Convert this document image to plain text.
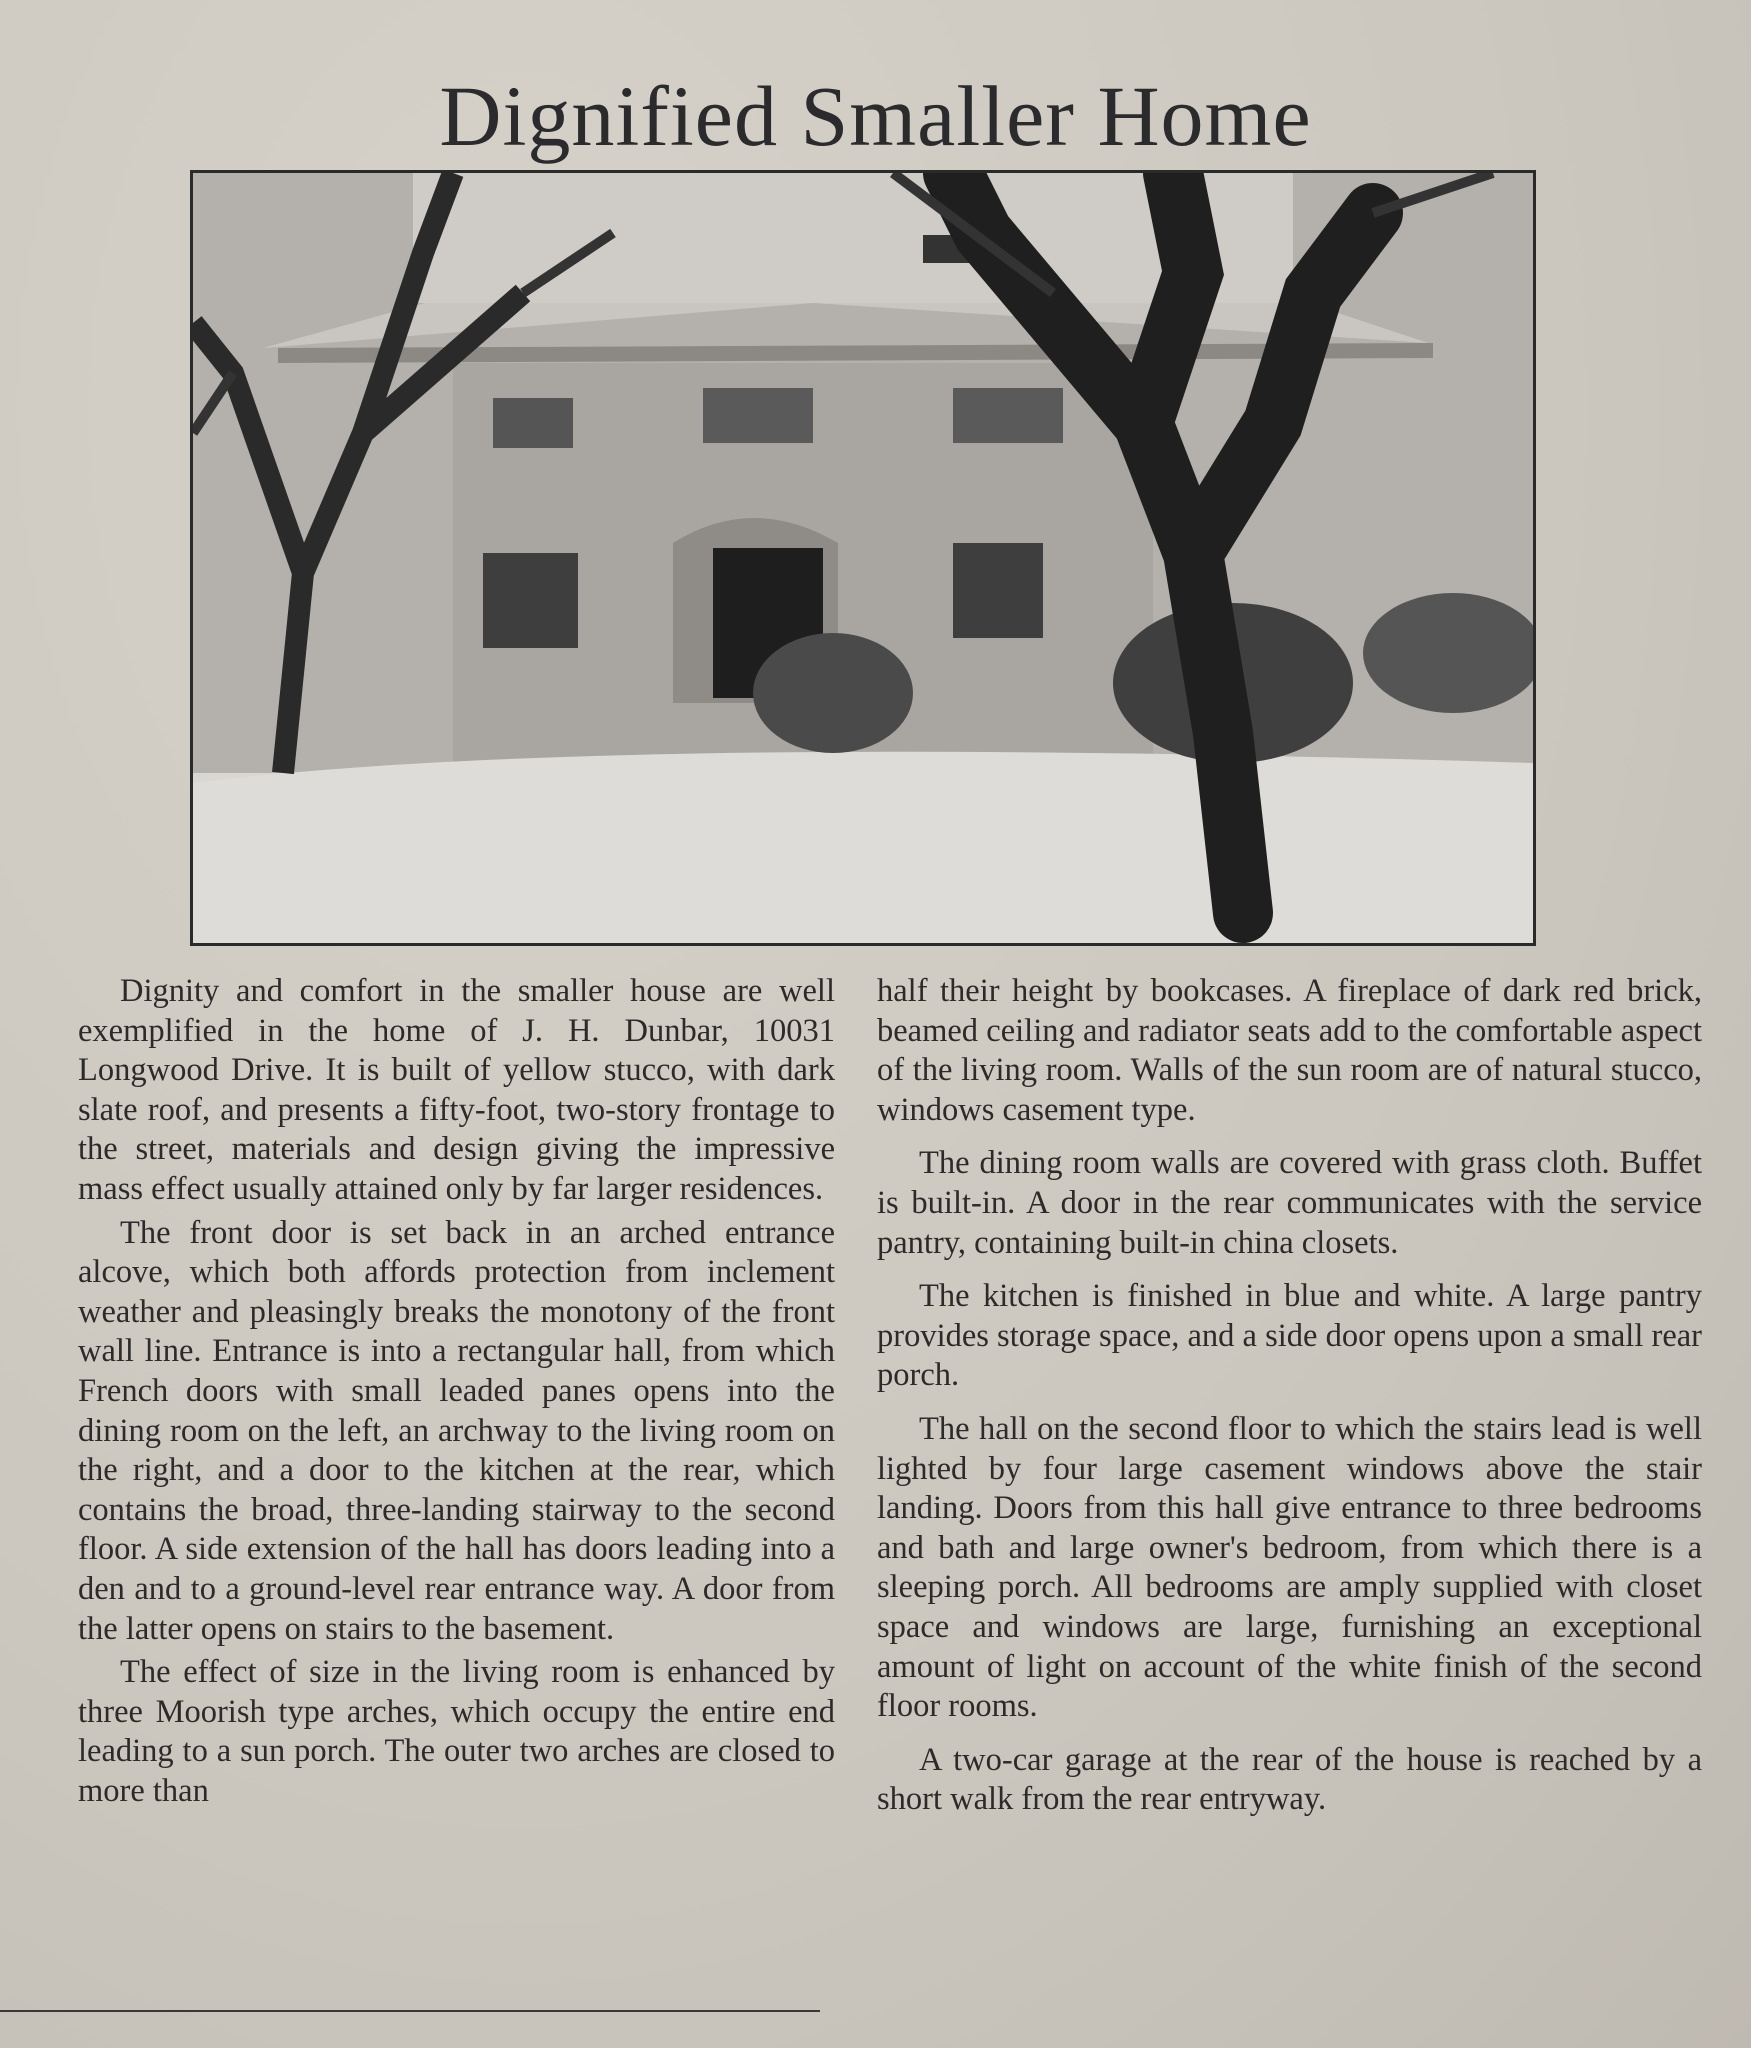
Dignified Smaller Home

Dignity and comfort in the smaller house are well exemplified in the home of J. H. Dunbar, 10031 Longwood Drive. It is built of yellow stucco, with dark slate roof, and presents a fifty-foot, two-story frontage to the street, materials and design giving the impressive mass effect usually attained only by far larger residences.

The front door is set back in an arched entrance alcove, which both affords protection from inclement weather and pleasingly breaks the monotony of the front wall line. Entrance is into a rectangular hall, from which French doors with small leaded panes opens into the dining room on the left, an archway to the living room on the right, and a door to the kitchen at the rear, which contains the broad, three-landing stairway to the second floor. A side extension of the hall has doors leading into a den and to a ground-level rear entrance way. A door from the latter opens on stairs to the basement.

The effect of size in the living room is enhanced by three Moorish type arches, which occupy the entire end leading to a sun porch. The outer two arches are closed to more than

half their height by bookcases. A fireplace of dark red brick, beamed ceiling and radiator seats add to the comfortable aspect of the living room. Walls of the sun room are of natural stucco, windows casement type.

The dining room walls are covered with grass cloth. Buffet is built-in. A door in the rear communicates with the service pantry, containing built-in china closets.

The kitchen is finished in blue and white. A large pantry provides storage space, and a side door opens upon a small rear porch.

The hall on the second floor to which the stairs lead is well lighted by four large casement windows above the stair landing. Doors from this hall give entrance to three bedrooms and bath and large owner's bedroom, from which there is a sleeping porch. All bedrooms are amply supplied with closet space and windows are large, furnishing an exceptional amount of light on account of the white finish of the second floor rooms.

A two-car garage at the rear of the house is reached by a short walk from the rear entryway.
